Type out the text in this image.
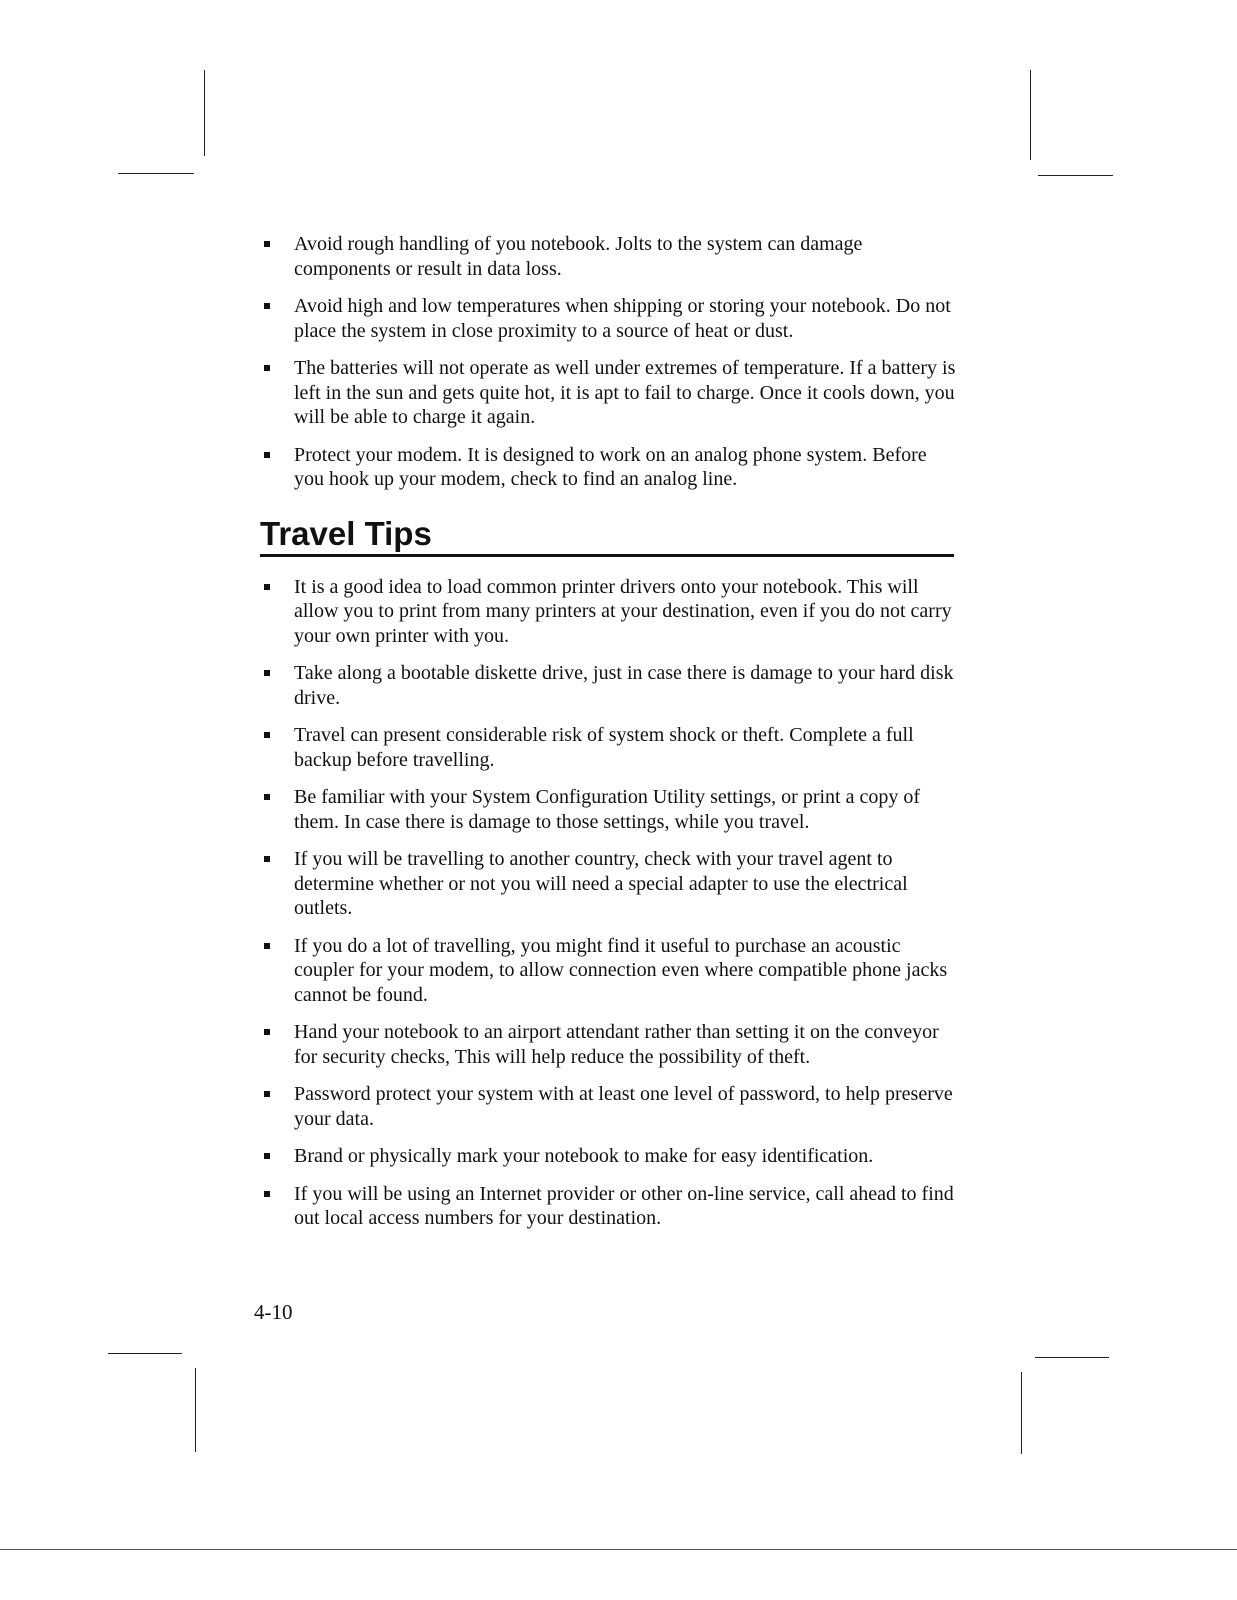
Avoid rough handling of you notebook. Jolts to the system can damage components or result in data loss.
Avoid high and low temperatures when shipping or storing your notebook. Do not place the system in close proximity to a source of heat or dust.
The batteries will not operate as well under extremes of temperature. If a battery is left in the sun and gets quite hot, it is apt to fail to charge. Once it cools down, you will be able to charge it again.
Protect your modem. It is designed to work on an analog phone system. Before you hook up your modem, check to find an analog line.
Travel Tips
It is a good idea to load common printer drivers onto your notebook. This will allow you to print from many printers at your destination, even if you do not carry your own printer with you.
Take along a bootable diskette drive, just in case there is damage to your hard disk drive.
Travel can present considerable risk of system shock or theft. Complete a full backup before travelling.
Be familiar with your System Configuration Utility settings, or print a copy of them. In case there is damage to those settings, while you travel.
If you will be travelling to another country, check with your travel agent to determine whether or not you will need a special adapter to use the electrical outlets.
If you do a lot of travelling, you might find it useful to purchase an acoustic coupler for your modem, to allow connection even where compatible phone jacks cannot be found.
Hand your notebook to an airport attendant rather than setting it on the conveyor for security checks, This will help reduce the possibility of theft.
Password protect your system with at least one level of password, to help preserve your data.
Brand or physically mark your notebook to make for easy identification.
If you will be using an Internet provider or other on-line service, call ahead to find out local access numbers for your destination.
4-10
